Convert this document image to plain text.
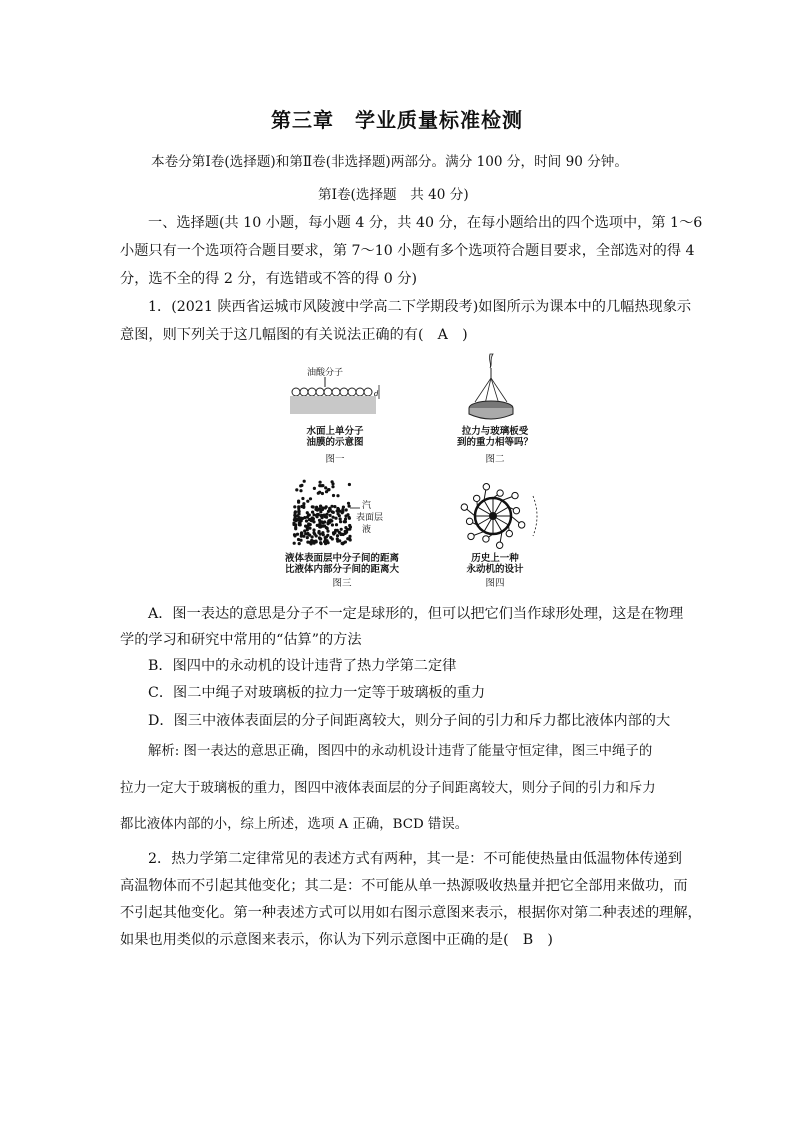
第三章　学业质量标准检测
本卷分第Ⅰ卷(选择题)和第Ⅱ卷(非选择题)两部分。满分 100 分，时间 90 分钟。
第Ⅰ卷(选择题　共 40 分)
一、选择题(共 10 小题，每小题 4 分，共 40 分，在每小题给出的四个选项中，第 1～6
小题只有一个选项符合题目要求，第 7～10 小题有多个选项符合题目要求，全部选对的得 4
分，选不全的得 2 分，有选错或不答的得 0 分)
1．(2021 陕西省运城市风陵渡中学高二下学期段考)如图所示为课本中的几幅热现象示
意图，则下列关于这几幅图的有关说法正确的有(　A　)
油酸分子
d
水面上单分子
油膜的示意图
图一
拉力与玻璃板受
到的重力相等吗？
图二
汽
表面层
液
液体表面层中分子间的距离
比液体内部分子间的距离大
图三
历史上一种
永动机的设计
图四
A．图一表达的意思是分子不一定是球形的，但可以把它们当作球形处理，这是在物理
学的学习和研究中常用的“估算”的方法
B．图四中的永动机的设计违背了热力学第二定律
C．图二中绳子对玻璃板的拉力一定等于玻璃板的重力
D．图三中液体表面层的分子间距离较大，则分子间的引力和斥力都比液体内部的大
解析: 图一表达的意思正确，图四中的永动机设计违背了能量守恒定律，图三中绳子的
拉力一定大于玻璃板的重力，图四中液体表面层的分子间距离较大，则分子间的引力和斥力
都比液体内部的小，综上所述，选项 A 正确，BCD 错误。
2．热力学第二定律常见的表述方式有两种，其一是：不可能使热量由低温物体传递到
高温物体而不引起其他变化；其二是：不可能从单一热源吸收热量并把它全部用来做功，而
不引起其他变化。第一种表述方式可以用如右图示意图来表示，根据你对第二种表述的理解，
如果也用类似的示意图来表示，你认为下列示意图中正确的是(　B　)
